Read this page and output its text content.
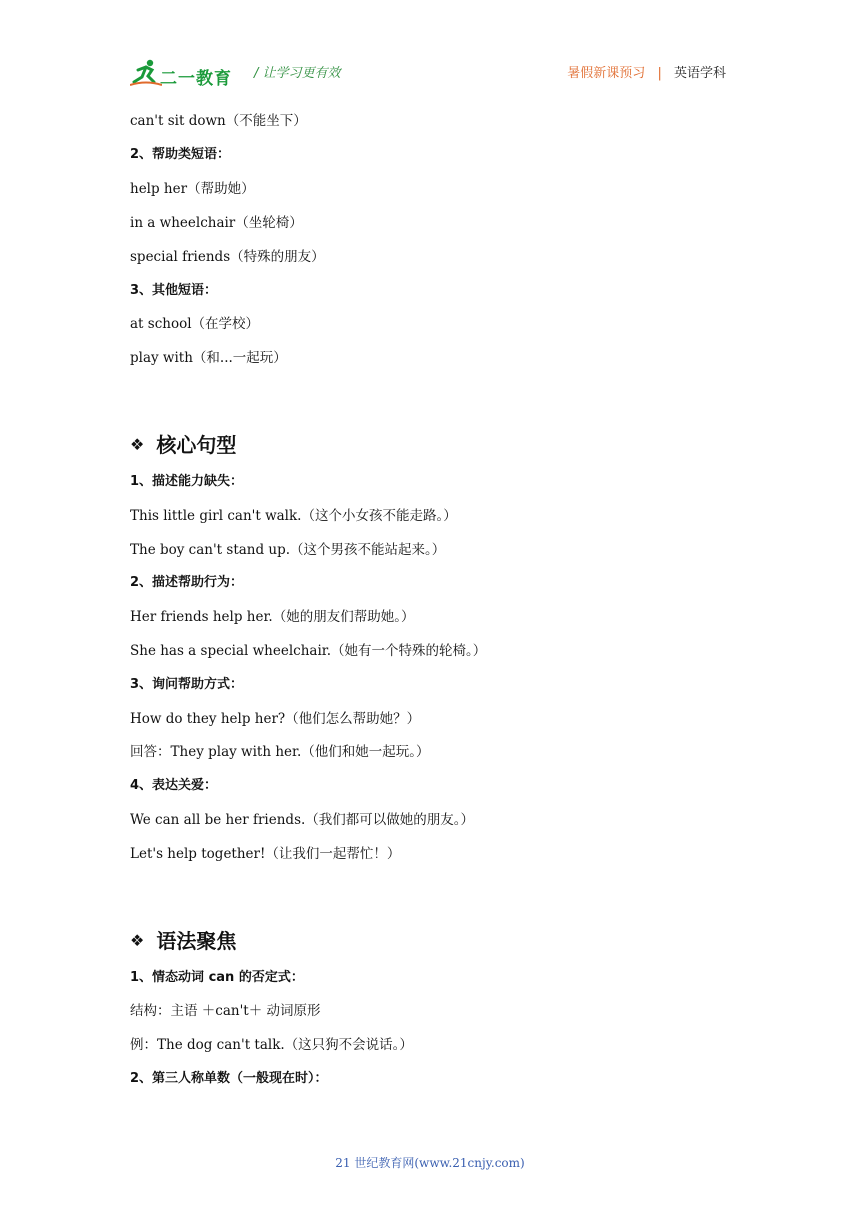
二一教育 / 让学习更有效	暑假新课预习 | 英语学科
can't sit down（不能坐下）
2、帮助类短语：
help her（帮助她）
in a wheelchair（坐轮椅）
special friends（特殊的朋友）
3、其他短语：
at school（在学校）
play with（和...一起玩）
❖ 核心句型
1、描述能力缺失：
This little girl can't walk.（这个小女孩不能走路。）
The boy can't stand up.（这个男孩不能站起来。）
2、描述帮助行为：
Her friends help her.（她的朋友们帮助她。）
She has a special wheelchair.（她有一个特殊的轮椅。）
3、询问帮助方式：
How do they help her?（他们怎么帮助她？）
回答：They play with her.（他们和她一起玩。）
4、表达关爱：
We can all be her friends.（我们都可以做她的朋友。）
Let's help together!（让我们一起帮忙！）
❖ 语法聚焦
1、情态动词 can 的否定式：
结构：主语 ＋can't＋ 动词原形
例：The dog can't talk.（这只狗不会说话。）
2、第三人称单数（一般现在时）：
21 世纪教育网(www.21cnjy.com)
